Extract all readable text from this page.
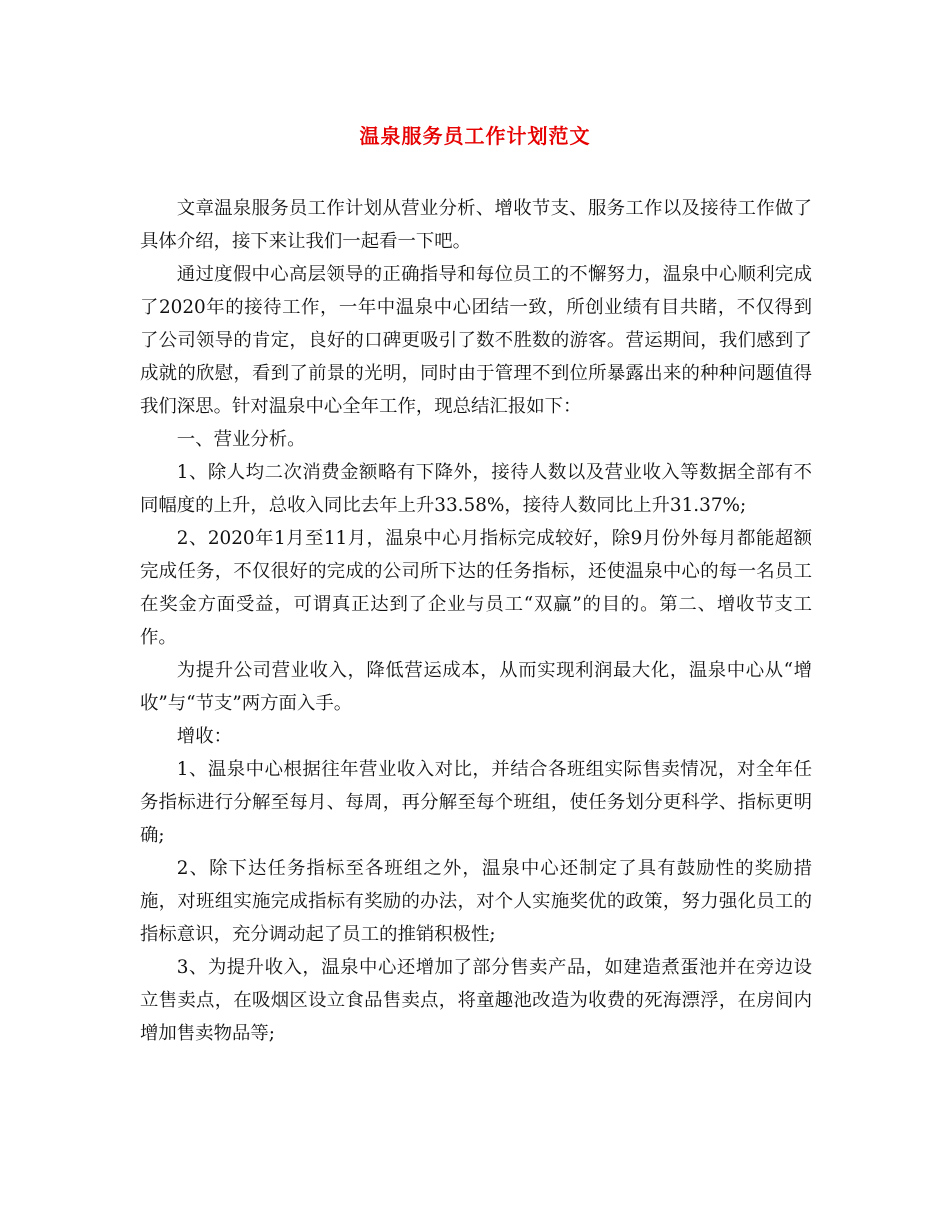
温泉服务员工作计划范文

文章温泉服务员工作计划从营业分析、增收节支、服务工作以及接待工作做了具体介绍，接下来让我们一起看一下吧。

通过度假中心高层领导的正确指导和每位员工的不懈努力，温泉中心顺利完成了2020年的接待工作，一年中温泉中心团结一致，所创业绩有目共睹，不仅得到了公司领导的肯定，良好的口碑更吸引了数不胜数的游客。营运期间，我们感到了成就的欣慰，看到了前景的光明，同时由于管理不到位所暴露出来的种种问题值得我们深思。针对温泉中心全年工作，现总结汇报如下：

一、营业分析。

1、除人均二次消费金额略有下降外，接待人数以及营业收入等数据全部有不同幅度的上升，总收入同比去年上升33.58%，接待人数同比上升31.37%;

2、2020年1月至11月，温泉中心月指标完成较好，除9月份外每月都能超额完成任务，不仅很好的完成的公司所下达的任务指标，还使温泉中心的每一名员工在奖金方面受益，可谓真正达到了企业与员工“双赢”的目的。第二、增收节支工作。

为提升公司营业收入，降低营运成本，从而实现利润最大化，温泉中心从“增收”与“节支”两方面入手。

增收：

1、温泉中心根据往年营业收入对比，并结合各班组实际售卖情况，对全年任务指标进行分解至每月、每周，再分解至每个班组，使任务划分更科学、指标更明确;

2、除下达任务指标至各班组之外，温泉中心还制定了具有鼓励性的奖励措施，对班组实施完成指标有奖励的办法，对个人实施奖优的政策，努力强化员工的指标意识，充分调动起了员工的推销积极性;

3、为提升收入，温泉中心还增加了部分售卖产品，如建造煮蛋池并在旁边设立售卖点，在吸烟区设立食品售卖点，将童趣池改造为收费的死海漂浮，在房间内增加售卖物品等;
